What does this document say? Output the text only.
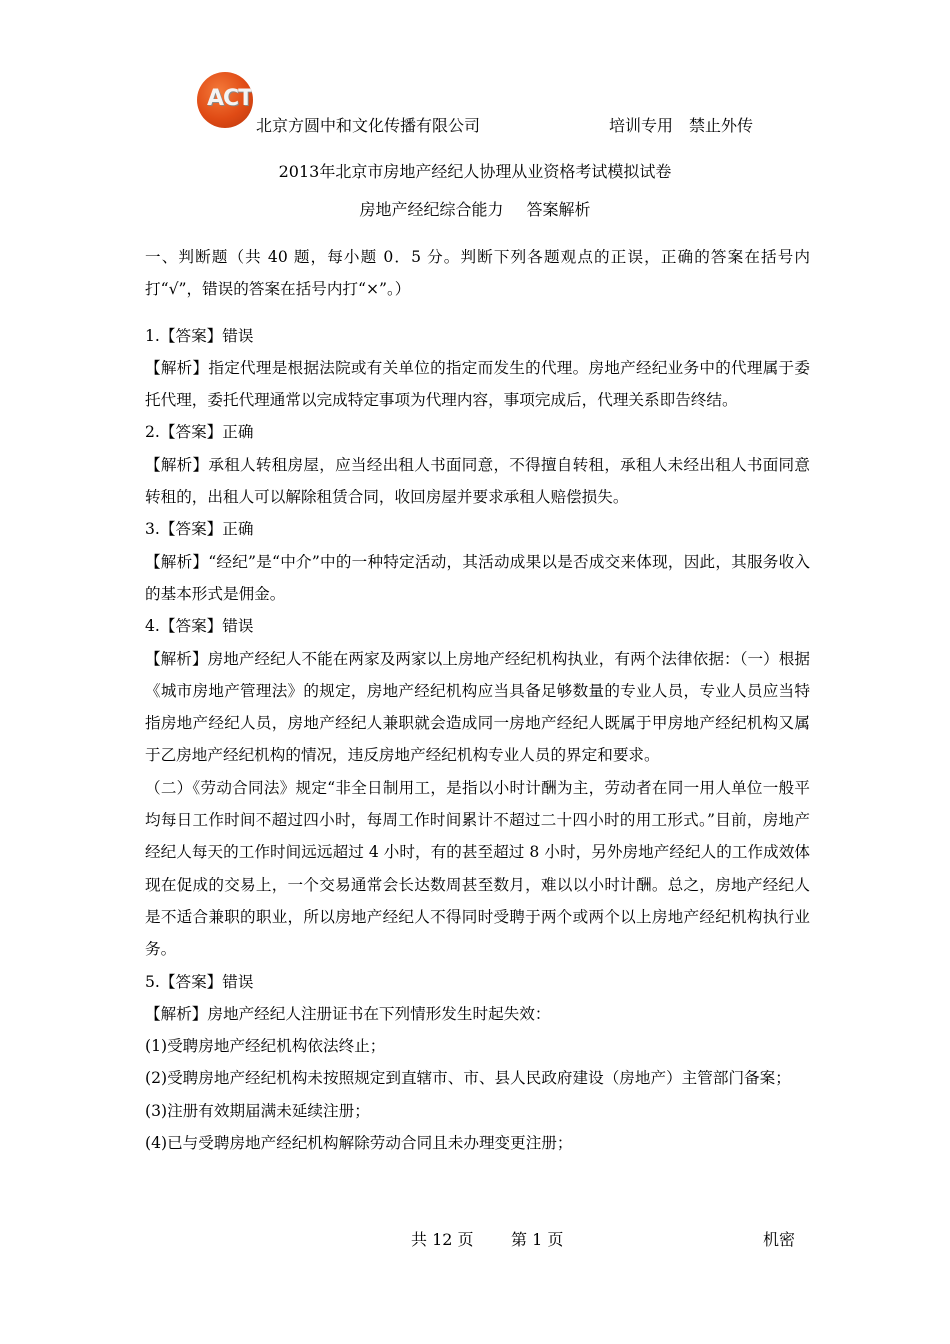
ACT
北京方圆中和文化传播有限公司	培训专用　禁止外传
2013年北京市房地产经纪人协理从业资格考试模拟试卷
房地产经纪综合能力 答案解析

一、判断题（共 40 题，每小题 0．5 分。判断下列各题观点的正误，正确的答案在括号内打“√”，错误的答案在括号内打“×”。）

1.【答案】错误

【解析】指定代理是根据法院或有关单位的指定而发生的代理。房地产经纪业务中的代理属于委托代理，委托代理通常以完成特定事项为代理内容，事项完成后，代理关系即告终结。

2.【答案】正确

【解析】承租人转租房屋，应当经出租人书面同意，不得擅自转租，承租人未经出租人书面同意转租的，出租人可以解除租赁合同，收回房屋并要求承租人赔偿损失。

3.【答案】正确

【解析】“经纪”是“中介”中的一种特定活动，其活动成果以是否成交来体现，因此，其服务收入的基本形式是佣金。

4.【答案】错误

【解析】房地产经纪人不能在两家及两家以上房地产经纪机构执业，有两个法律依据：（一）根据《城市房地产管理法》的规定，房地产经纪机构应当具备足够数量的专业人员，专业人员应当特指房地产经纪人员，房地产经纪人兼职就会造成同一房地产经纪人既属于甲房地产经纪机构又属于乙房地产经纪机构的情况，违反房地产经纪机构专业人员的界定和要求。

（二）《劳动合同法》规定“非全日制用工，是指以小时计酬为主，劳动者在同一用人单位一般平均每日工作时间不超过四小时，每周工作时间累计不超过二十四小时的用工形式。”目前，房地产经纪人每天的工作时间远远超过 4 小时，有的甚至超过 8 小时，另外房地产经纪人的工作成效体现在促成的交易上，一个交易通常会长达数周甚至数月，难以以小时计酬。总之，房地产经纪人是不适合兼职的职业，所以房地产经纪人不得同时受聘于两个或两个以上房地产经纪机构执行业务。

5.【答案】错误

【解析】房地产经纪人注册证书在下列情形发生时起失效：

(1)受聘房地产经纪机构依法终止；

(2)受聘房地产经纪机构未按照规定到直辖市、市、县人民政府建设（房地产）主管部门备案；

(3)注册有效期届满未延续注册；

(4)已与受聘房地产经纪机构解除劳动合同且未办理变更注册；

共 12 页 第 1 页	机密
